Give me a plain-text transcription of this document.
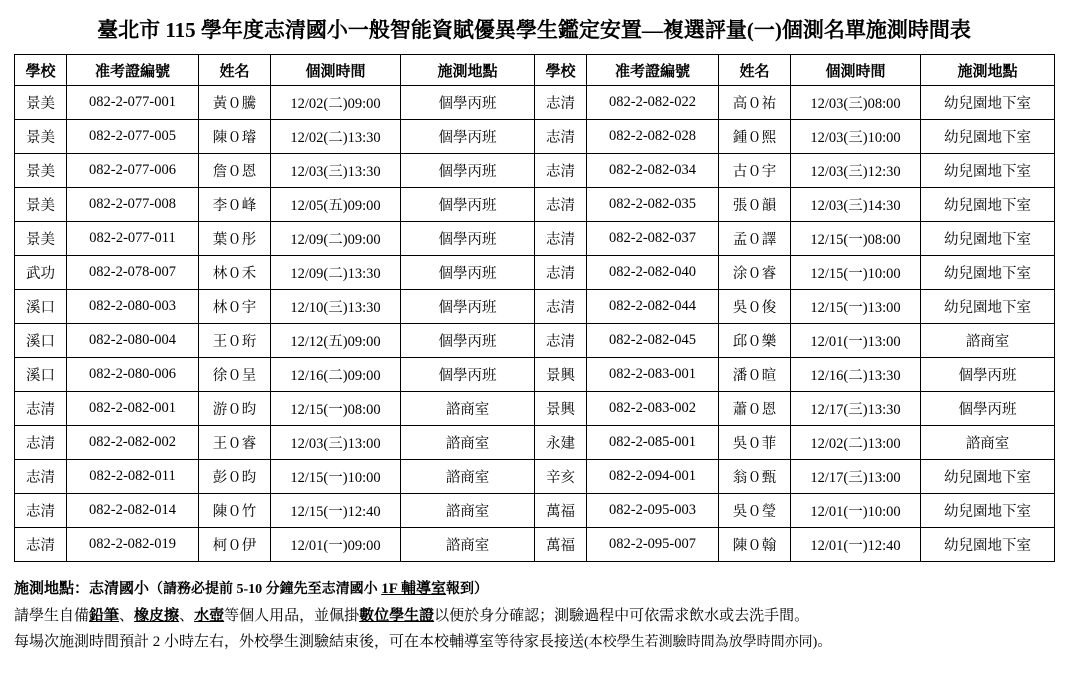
臺北市 115 學年度志清國小一般智能資賦優異學生鑑定安置—複選評量(一)個測名單施測時間表
學校	准考證編號	姓名	個測時間	施測地點	學校	准考證編號	姓名	個測時間	施測地點
景美	082-2-077-001	黃０騰	12/02(二)09:00	個學丙班	志清	082-2-082-022	高０祐	12/03(三)08:00	幼兒園地下室
景美	082-2-077-005	陳０璿	12/02(二)13:30	個學丙班	志清	082-2-082-028	鍾０熙	12/03(三)10:00	幼兒園地下室
景美	082-2-077-006	詹０恩	12/03(三)13:30	個學丙班	志清	082-2-082-034	古０宇	12/03(三)12:30	幼兒園地下室
景美	082-2-077-008	李０峰	12/05(五)09:00	個學丙班	志清	082-2-082-035	張０韻	12/03(三)14:30	幼兒園地下室
景美	082-2-077-011	葉０彤	12/09(二)09:00	個學丙班	志清	082-2-082-037	孟０譯	12/15(一)08:00	幼兒園地下室
武功	082-2-078-007	林０禾	12/09(二)13:30	個學丙班	志清	082-2-082-040	涂０睿	12/15(一)10:00	幼兒園地下室
溪口	082-2-080-003	林０宇	12/10(三)13:30	個學丙班	志清	082-2-082-044	吳０俊	12/15(一)13:00	幼兒園地下室
溪口	082-2-080-004	王０珩	12/12(五)09:00	個學丙班	志清	082-2-082-045	邱０樂	12/01(一)13:00	諮商室
溪口	082-2-080-006	徐０呈	12/16(二)09:00	個學丙班	景興	082-2-083-001	潘０暄	12/16(二)13:30	個學丙班
志清	082-2-082-001	游０昀	12/15(一)08:00	諮商室	景興	082-2-083-002	蕭０恩	12/17(三)13:30	個學丙班
志清	082-2-082-002	王０睿	12/03(三)13:00	諮商室	永建	082-2-085-001	吳０菲	12/02(二)13:00	諮商室
志清	082-2-082-011	彭０昀	12/15(一)10:00	諮商室	辛亥	082-2-094-001	翁０甄	12/17(三)13:00	幼兒園地下室
志清	082-2-082-014	陳０竹	12/15(一)12:40	諮商室	萬福	082-2-095-003	吳０瑩	12/01(一)10:00	幼兒園地下室
志清	082-2-082-019	柯０伊	12/01(一)09:00	諮商室	萬福	082-2-095-007	陳０翰	12/01(一)12:40	幼兒園地下室
施測地點：志清國小（請務必提前 5-10 分鐘先至志清國小 1F 輔導室報到）
請學生自備鉛筆、橡皮擦、水壺等個人用品，並佩掛數位學生證以便於身分確認；測驗過程中可依需求飲水或去洗手間。
每場次施測時間預計 2 小時左右，外校學生測驗結束後，可在本校輔導室等待家長接送(本校學生若測驗時間為放學時間亦同)。
